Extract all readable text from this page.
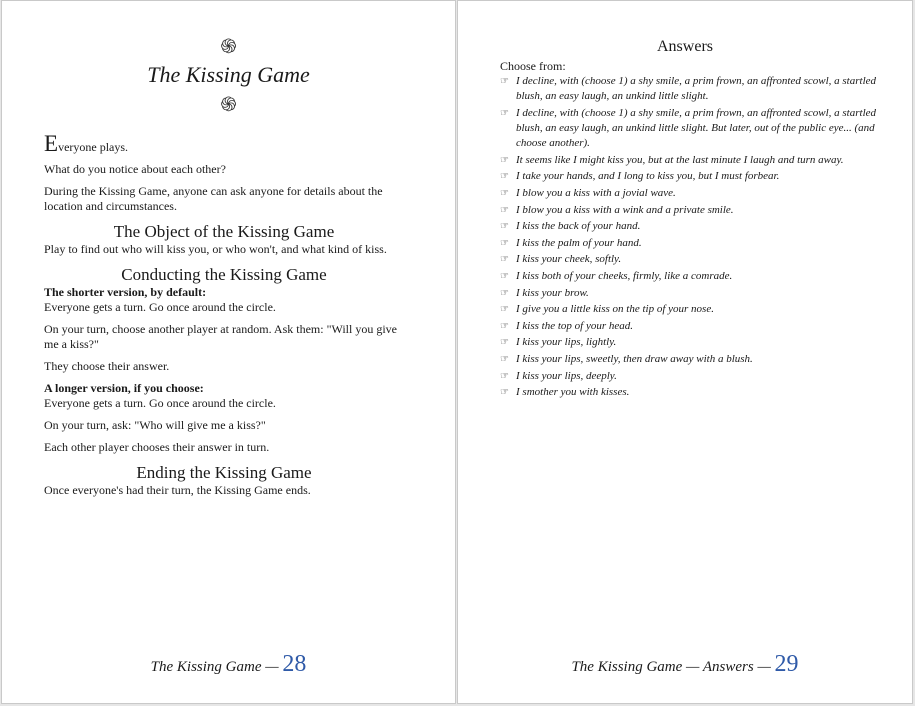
֍
The Kissing Game
֍

Everyone plays.

What do you notice about each other?

During the Kissing Game, anyone can ask anyone for details about the location and circumstances.

The Object of the Kissing Game

Play to find out who will kiss you, or who won't, and what kind of kiss.

Conducting the Kissing Game

The shorter version, by default:

Everyone gets a turn. Go once around the circle.

On your turn, choose another player at random. Ask them: "Will you give me a kiss?"

They choose their answer.

A longer version, if you choose:

Everyone gets a turn. Go once around the circle.

On your turn, ask: "Who will give me a kiss?"

Each other player chooses their answer in turn.

Ending the Kissing Game

Once everyone's had their turn, the Kissing Game ends.

The Kissing Game — 28
Answers
Choose from:
☞ I decline, with (choose 1) a shy smile, a prim frown, an affronted scowl, a startled blush, an easy laugh, an unkind little slight.
☞ I decline, with (choose 1) a shy smile, a prim frown, an affronted scowl, a startled blush, an easy laugh, an unkind little slight. But later, out of the public eye... (and choose another).
☞ It seems like I might kiss you, but at the last minute I laugh and turn away.
☞ I take your hands, and I long to kiss you, but I must forbear.
☞ I blow you a kiss with a jovial wave.
☞ I blow you a kiss with a wink and a private smile.
☞ I kiss the back of your hand.
☞ I kiss the palm of your hand.
☞ I kiss your cheek, softly.
☞ I kiss both of your cheeks, firmly, like a comrade.
☞ I kiss your brow.
☞ I give you a little kiss on the tip of your nose.
☞ I kiss the top of your head.
☞ I kiss your lips, lightly.
☞ I kiss your lips, sweetly, then draw away with a blush.
☞ I kiss your lips, deeply.
☞ I smother you with kisses.
The Kissing Game — Answers — 29
